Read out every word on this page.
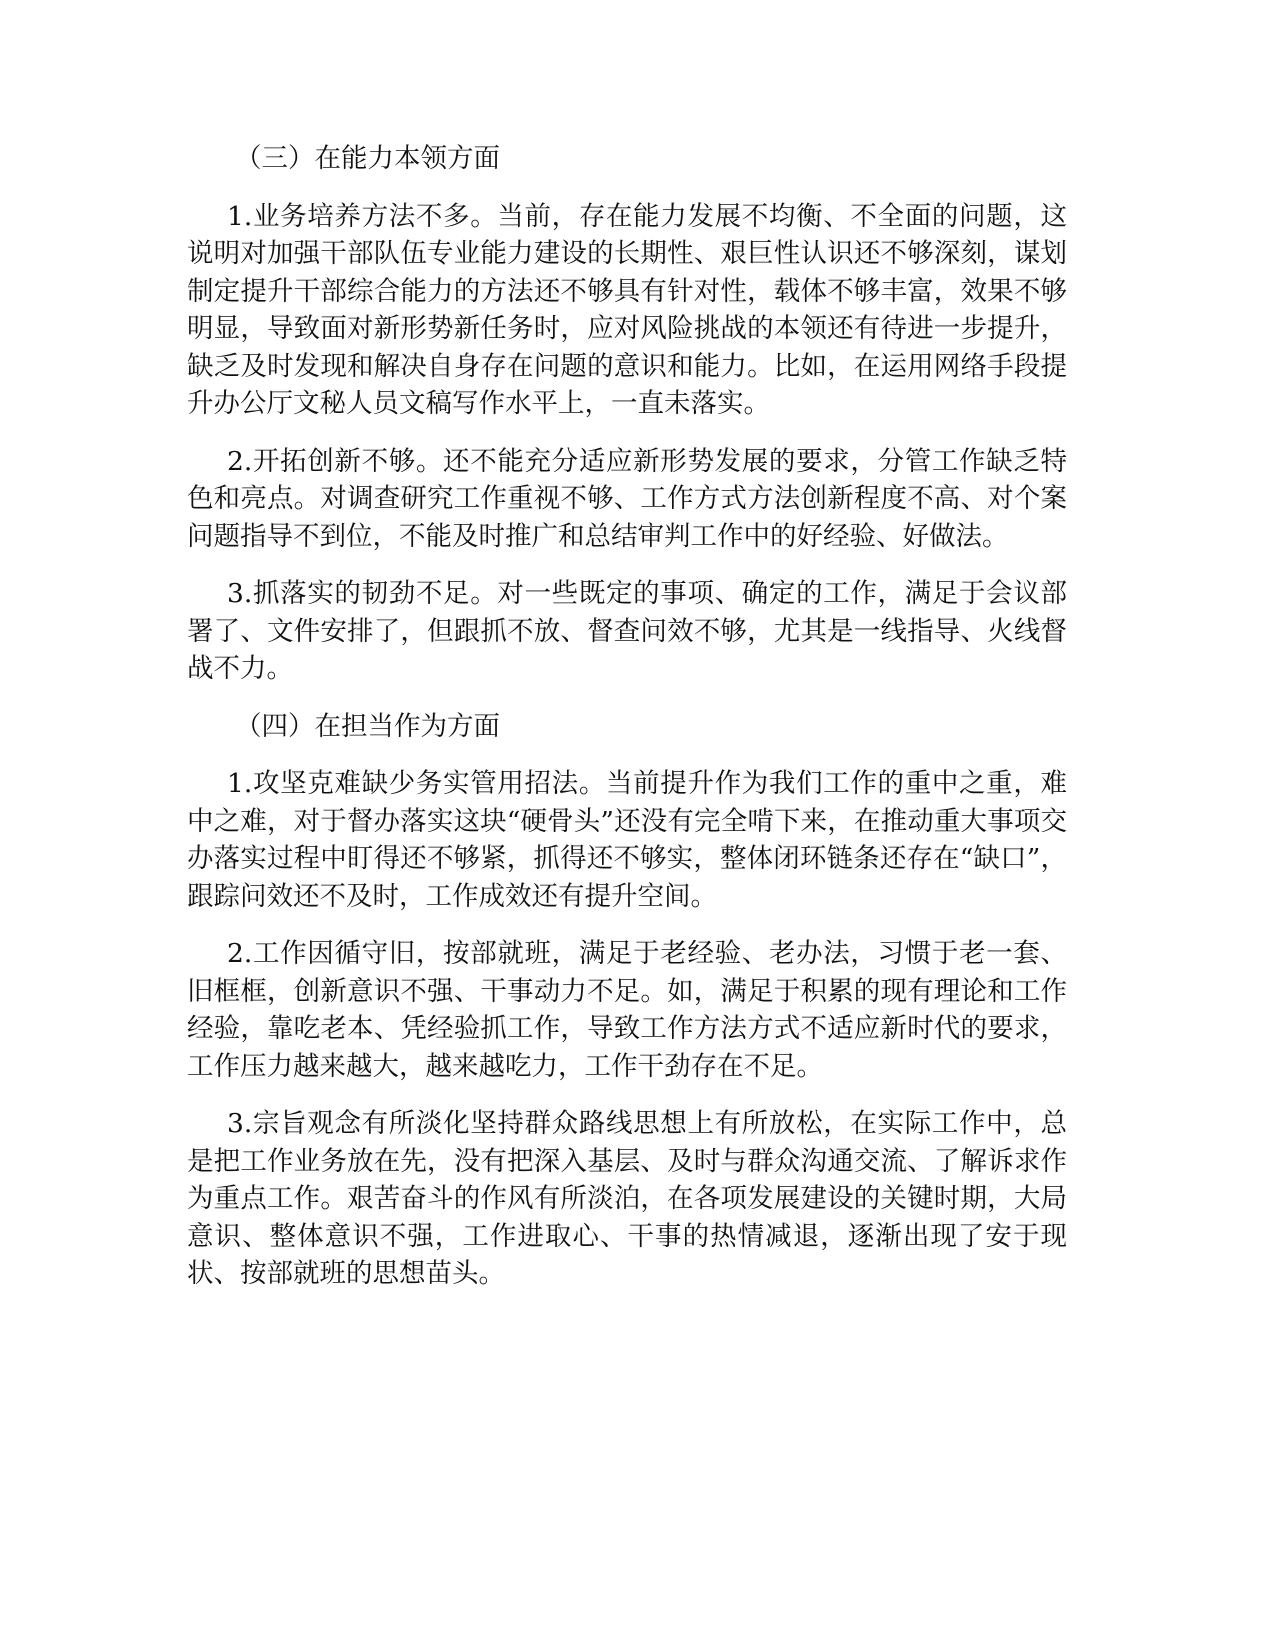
（三）在能力本领方面

1.业务培养方法不多。当前，存在能力发展不均衡、不全面的问题，这说明对加强干部队伍专业能力建设的长期性、艰巨性认识还不够深刻，谋划制定提升干部综合能力的方法还不够具有针对性，载体不够丰富，效果不够明显，导致面对新形势新任务时，应对风险挑战的本领还有待进一步提升，缺乏及时发现和解决自身存在问题的意识和能力。比如，在运用网络手段提升办公厅文秘人员文稿写作水平上，一直未落实。

2.开拓创新不够。还不能充分适应新形势发展的要求，分管工作缺乏特色和亮点。对调查研究工作重视不够、工作方式方法创新程度不高、对个案问题指导不到位，不能及时推广和总结审判工作中的好经验、好做法。

3.抓落实的韧劲不足。对一些既定的事项、确定的工作，满足于会议部署了、文件安排了，但跟抓不放、督查问效不够，尤其是一线指导、火线督战不力。

（四）在担当作为方面

1.攻坚克难缺少务实管用招法。当前提升作为我们工作的重中之重，难中之难，对于督办落实这块“硬骨头”还没有完全啃下来，在推动重大事项交办落实过程中盯得还不够紧，抓得还不够实，整体闭环链条还存在“缺口”，跟踪问效还不及时，工作成效还有提升空间。

2.工作因循守旧，按部就班，满足于老经验、老办法，习惯于老一套、旧框框，创新意识不强、干事动力不足。如，满足于积累的现有理论和工作经验，靠吃老本、凭经验抓工作，导致工作方法方式不适应新时代的要求，工作压力越来越大，越来越吃力，工作干劲存在不足。

3.宗旨观念有所淡化坚持群众路线思想上有所放松，在实际工作中，总是把工作业务放在先，没有把深入基层、及时与群众沟通交流、了解诉求作为重点工作。艰苦奋斗的作风有所淡泊，在各项发展建设的关键时期，大局意识、整体意识不强，工作进取心、干事的热情减退，逐渐出现了安于现状、按部就班的思想苗头。
